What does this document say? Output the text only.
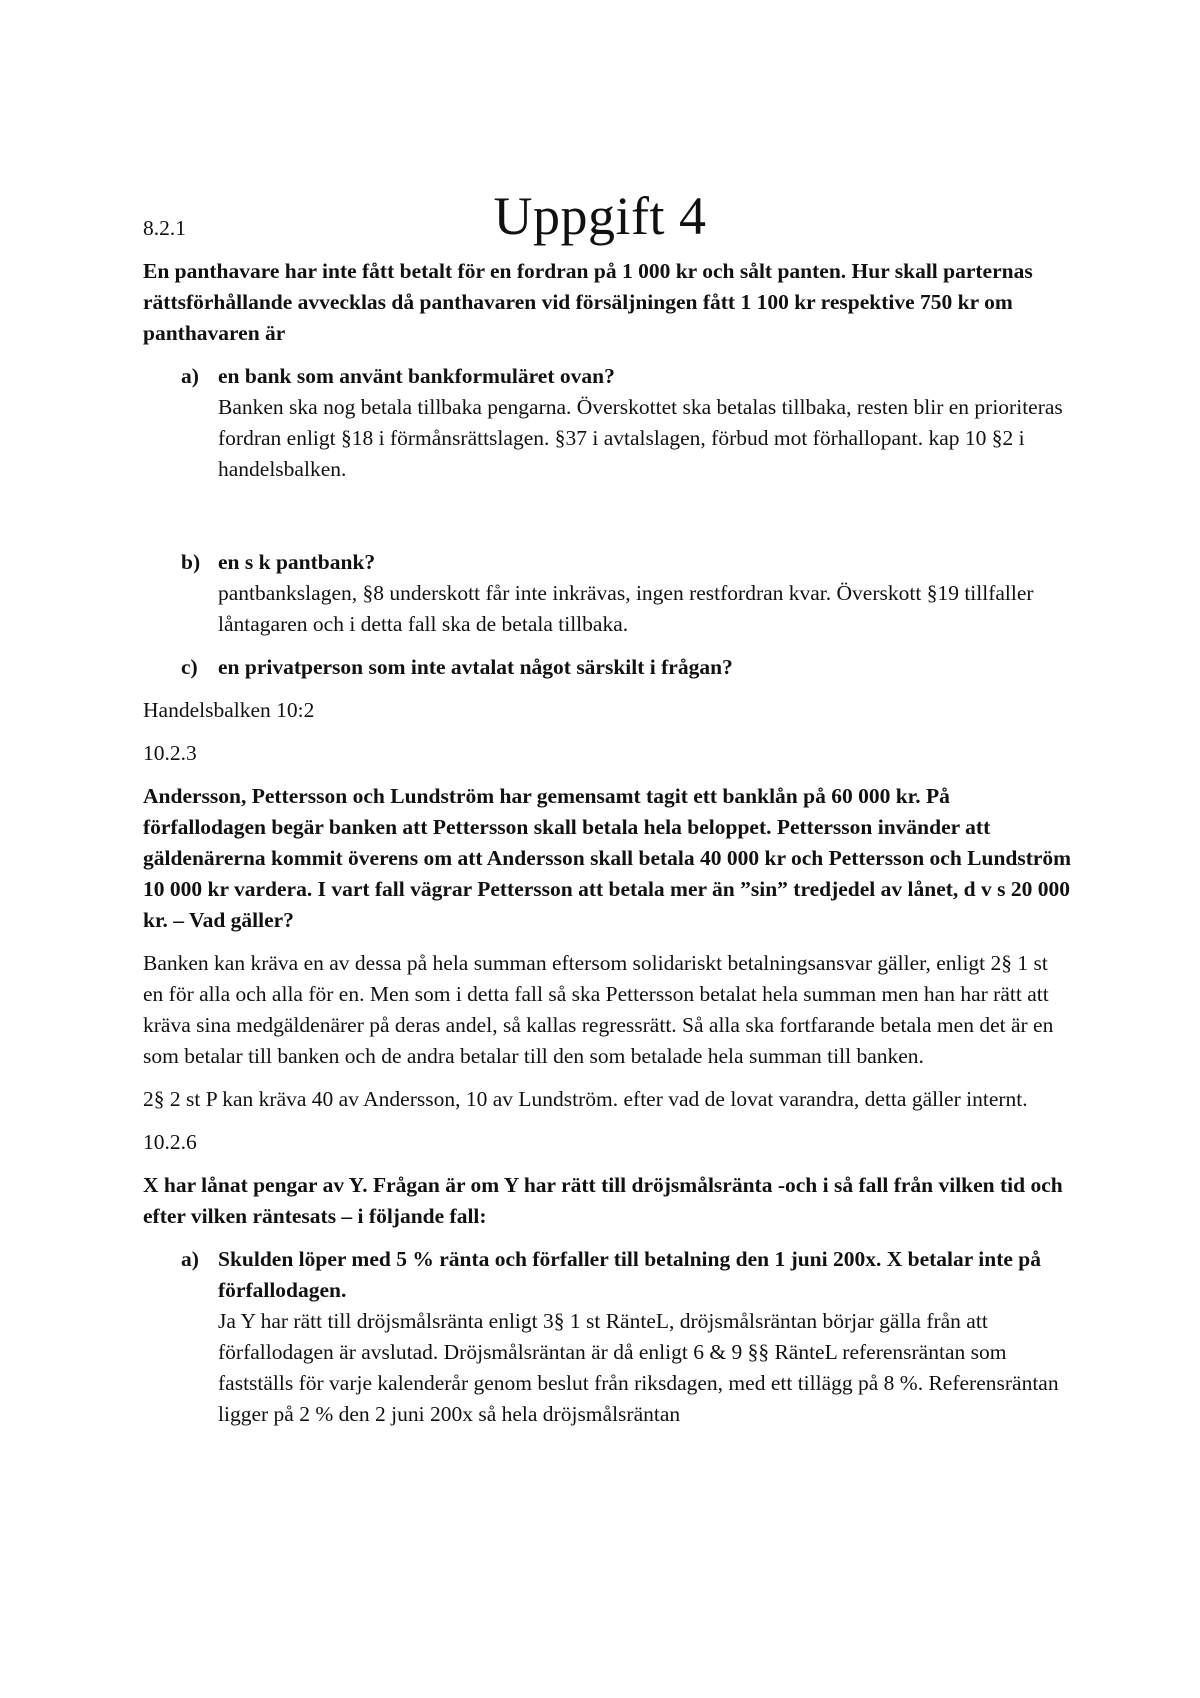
Uppgift 4

8.2.1

En panthavare har inte fått betalt för en fordran på 1 000 kr och sålt panten. Hur skall parternas rättsförhållande avvecklas då panthavaren vid försäljningen fått 1 100 kr respektive 750 kr om panthavaren är

a) en bank som använt bankformuläret ovan?

Banken ska nog betala tillbaka pengarna. Överskottet ska betalas tillbaka, resten blir en prioriteras fordran enligt §18 i förmånsrättslagen. §37 i avtalslagen, förbud mot förhallopant. kap 10 §2 i handelsbalken.

b) en s k pantbank?

pantbankslagen, §8 underskott får inte inkrävas, ingen restfordran kvar. Överskott §19 tillfaller låntagaren och i detta fall ska de betala tillbaka.

c) en privatperson som inte avtalat något särskilt i frågan?

Handelsbalken 10:2

10.2.3

Andersson, Pettersson och Lundström har gemensamt tagit ett banklån på 60 000 kr. På förfallodagen begär banken att Pettersson skall betala hela beloppet. Pettersson invänder att gäldenärerna kommit överens om att Andersson skall betala 40 000 kr och Pettersson och Lundström 10 000 kr vardera. I vart fall vägrar Pettersson att betala mer än ”sin” tredjedel av lånet, d v s 20 000 kr. – Vad gäller?

Banken kan kräva en av dessa på hela summan eftersom solidariskt betalningsansvar gäller, enligt 2§ 1 st en för alla och alla för en. Men som i detta fall så ska Pettersson betalat hela summan men han har rätt att kräva sina medgäldenärer på deras andel, så kallas regressrätt. Så alla ska fortfarande betala men det är en som betalar till banken och de andra betalar till den som betalade hela summan till banken.

2§ 2 st P kan kräva 40 av Andersson, 10 av Lundström. efter vad de lovat varandra, detta gäller internt.

10.2.6

X har lånat pengar av Y. Frågan är om Y har rätt till dröjsmålsränta -och i så fall från vilken tid och efter vilken räntesats – i följande fall:

a) Skulden löper med 5 % ränta och förfaller till betalning den 1 juni 200x. X betalar inte på förfallodagen.

Ja Y har rätt till dröjsmålsränta enligt 3§ 1 st RänteL, dröjsmålsräntan börjar gälla från att förfallodagen är avslutad. Dröjsmålsräntan är då enligt 6 & 9 §§ RänteL referensräntan som fastställs för varje kalenderår genom beslut från riksdagen, med ett tillägg på 8 %. Referensräntan ligger på 2 % den 2 juni 200x så hela dröjsmålsräntan
